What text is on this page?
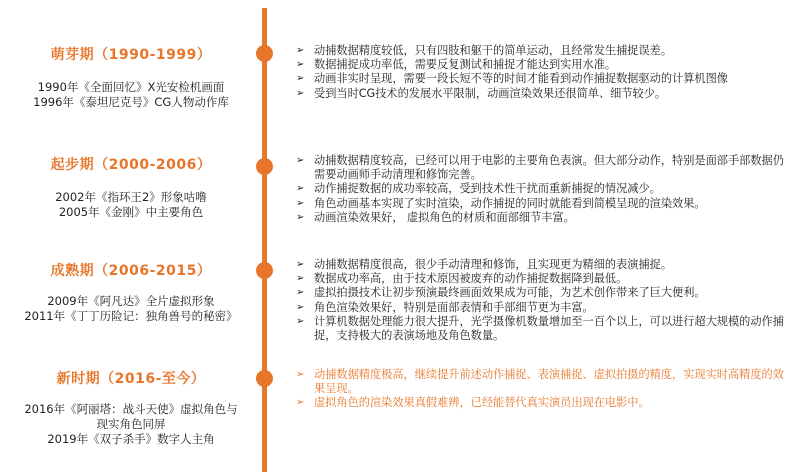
萌芽期（1990-1999）
1990年《全面回忆》X光安检机画面
1996年《泰坦尼克号》CG人物动作库
➢ 动捕数据精度较低，只有四肢和躯干的简单运动，且经常发生捕捉误差。
➢ 数据捕捉成功率低，需要反复测试和捕捉才能达到实用水准。
➢ 动画非实时呈现，需要一段长短不等的时间才能看到动作捕捉数据驱动的计算机图像
➢ 受到当时CG技术的发展水平限制，动画渲染效果还很简单、细节较少。
起步期（2000-2006）
2002年《指环王2》形象咕噜
2005年《金刚》中主要角色
➢ 动捕数据精度较高，已经可以用于电影的主要角色表演。但大部分动作，特别是面部手部数据仍需要动画师手动清理和修饰完善。
➢ 动作捕捉数据的成功率较高，受到技术性干扰而重新捕捉的情况减少。
➢ 角色动画基本实现了实时渲染，动作捕捉的同时就能看到简模呈现的渲染效果。
➢ 动画渲染效果好， 虚拟角色的材质和面部细节丰富。
成熟期（2006-2015）
2009年《阿凡达》全片虚拟形象
2011年《丁丁历险记：独角兽号的秘密》
➢ 动捕数据精度很高，很少手动清理和修饰，且实现更为精细的表演捕捉。
➢ 数据成功率高，由于技术原因被废弃的动作捕捉数据降到最低。
➢ 虚拟拍摄技术让初步预演最终画面效果成为可能，为艺术创作带来了巨大便利。
➢ 角色渲染效果好，特别是面部表情和手部细节更为丰富。
➢ 计算机数据处理能力很大提升，光学摄像机数量增加至一百个以上，可以进行超大规模的动作捕捉，支持极大的表演场地及角色数量。
新时期（2016-至今）
2016年《阿丽塔：战斗天使》虚拟角色与
现实角色同屏
2019年《双子杀手》数字人主角
➢ 动捕数据精度极高，继续提升前述动作捕捉、表演捕捉、虚拟拍摄的精度，实现实时高精度的效果呈现。
➢ 虚拟角色的渲染效果真假难辨，已经能替代真实演员出现在电影中。
